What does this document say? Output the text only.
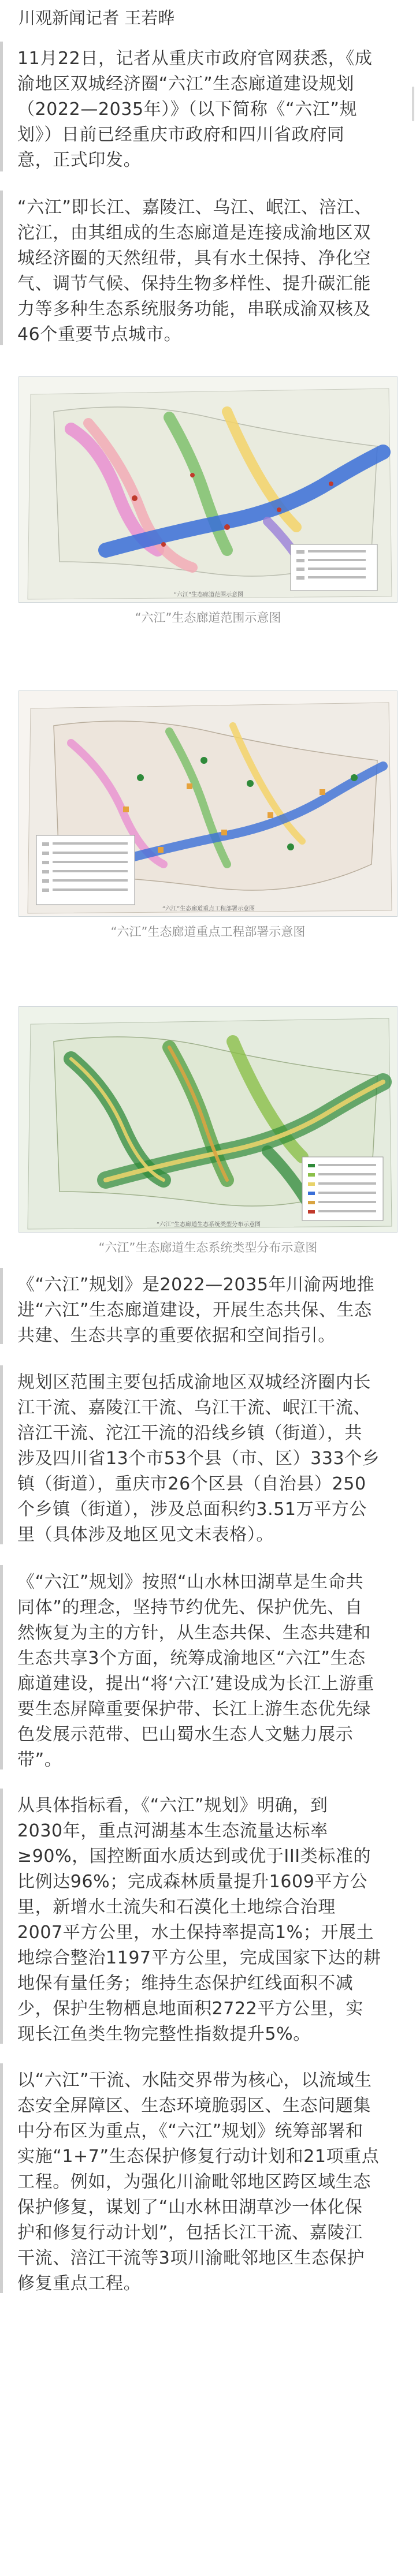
川观新闻记者 王若晔
11月22日，记者从重庆市政府官网获悉，《成
渝地区双城经济圈“六江”生态廊道建设规划
（2022—2035年）》（以下简称《“六江”规
划》）日前已经重庆市政府和四川省政府同
意，正式印发。
“六江”即长江、嘉陵江、乌江、岷江、涪江、
沱江，由其组成的生态廊道是连接成渝地区双
城经济圈的天然纽带，具有水土保持、净化空
气、调节气候、保持生物多样性、提升碳汇能
力等多种生态系统服务功能，串联成渝双核及
46个重要节点城市。
“六江”生态廊道范围示意图
“六江”生态廊道范围示意图
“六江”生态廊道重点工程部署示意图
“六江”生态廊道重点工程部署示意图
“六江”生态廊道生态系统类型分布示意图
“六江”生态廊道生态系统类型分布示意图
《“六江”规划》是2022—2035年川渝两地推
进“六江”生态廊道建设，开展生态共保、生态
共建、生态共享的重要依据和空间指引。
规划区范围主要包括成渝地区双城经济圈内长
江干流、嘉陵江干流、乌江干流、岷江干流、
涪江干流、沱江干流的沿线乡镇（街道），共
涉及四川省13个市53个县（市、区）333个乡
镇（街道），重庆市26个区县（自治县）250
个乡镇（街道），涉及总面积约3.51万平方公
里（具体涉及地区见文末表格）。
《“六江”规划》按照“山水林田湖草是生命共
同体”的理念，坚持节约优先、保护优先、自
然恢复为主的方针，从生态共保、生态共建和
生态共享3个方面，统筹成渝地区“六江”生态
廊道建设，提出“将‘六江’建设成为长江上游重
要生态屏障重要保护带、长江上游生态优先绿
色发展示范带、巴山蜀水生态人文魅力展示
带”。
从具体指标看，《“六江”规划》明确，到
2030年，重点河湖基本生态流量达标率
≥90%，国控断面水质达到或优于III类标准的
比例达96%；完成森林质量提升1609平方公
里，新增水土流失和石漠化土地综合治理
2007平方公里，水土保持率提高1%；开展土
地综合整治1197平方公里，完成国家下达的耕
地保有量任务；维持生态保护红线面积不减
少，保护生物栖息地面积2722平方公里，实
现长江鱼类生物完整性指数提升5%。
以“六江”干流、水陆交界带为核心，以流域生
态安全屏障区、生态环境脆弱区、生态问题集
中分布区为重点，《“六江”规划》统筹部署和
实施“1+7”生态保护修复行动计划和21项重点
工程。例如，为强化川渝毗邻地区跨区域生态
保护修复，谋划了“山水林田湖草沙一体化保
护和修复行动计划”，包括长江干流、嘉陵江
干流、涪江干流等3项川渝毗邻地区生态保护
修复重点工程。
